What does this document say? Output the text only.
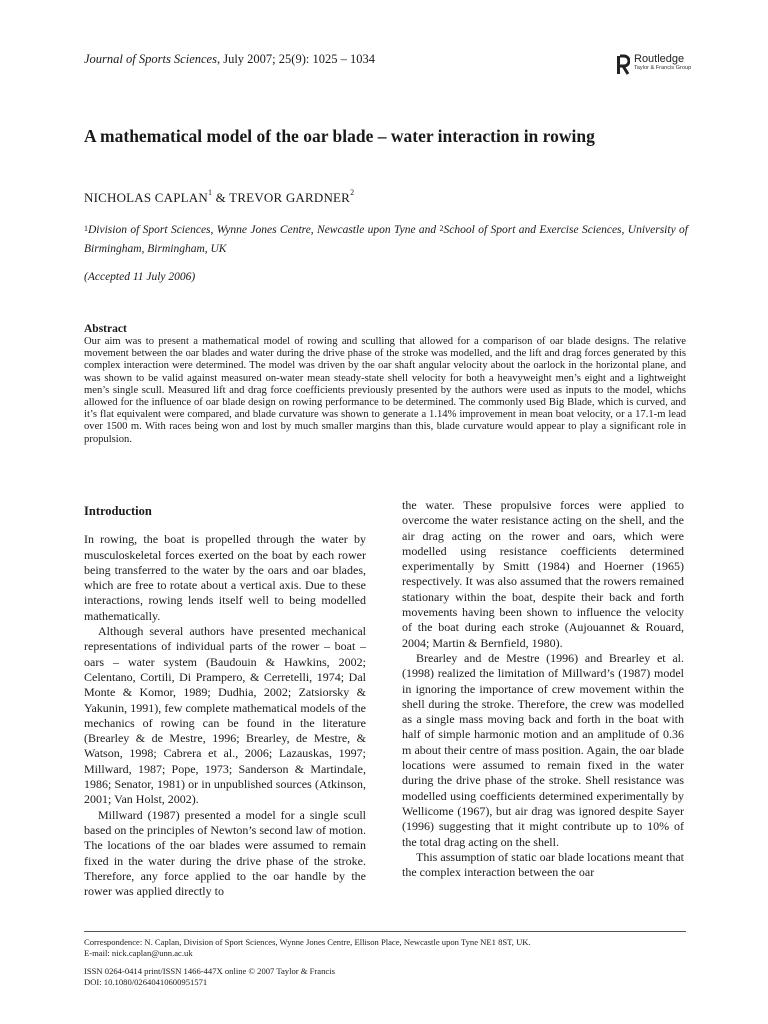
Journal of Sports Sciences, July 2007; 25(9): 1025 – 1034	Routledge
Taylor & Francis Group
A mathematical model of the oar blade – water interaction in rowing
NICHOLAS CAPLAN$^1$ & TREVOR GARDNER$^2$
$^1$Division of Sport Sciences, Wynne Jones Centre, Newcastle upon Tyne and $^2$School of Sport and Exercise Sciences, University of Birmingham, Birmingham, UK
(Accepted 11 July 2006)
Abstract
Our aim was to present a mathematical model of rowing and sculling that allowed for a comparison of oar blade designs. The relative movement between the oar blades and water during the drive phase of the stroke was modelled, and the lift and drag forces generated by this complex interaction were determined. The model was driven by the oar shaft angular velocity about the oarlock in the horizontal plane, and was shown to be valid against measured on-water mean steady-state shell velocity for both a heavyweight men’s eight and a lightweight men’s single scull. Measured lift and drag force coefficients previously presented by the authors were used as inputs to the model, whichs allowed for the influence of oar blade design on rowing performance to be determined. The commonly used Big Blade, which is curved, and it’s flat equivalent were compared, and blade curvature was shown to generate a 1.14% improvement in mean boat velocity, or a 17.1-m lead over 1500 m. With races being won and lost by much smaller margins than this, blade curvature would appear to play a significant role in propulsion.
Introduction

In rowing, the boat is propelled through the water by musculoskeletal forces exerted on the boat by each rower being transferred to the water by the oars and oar blades, which are free to rotate about a vertical axis. Due to these interactions, rowing lends itself well to being modelled mathematically.

Although several authors have presented mechanical representations of individual parts of the rower – boat – oars – water system (Baudouin & Hawkins, 2002; Celentano, Cortili, Di Prampero, & Cerretelli, 1974; Dal Monte & Komor, 1989; Dudhia, 2002; Zatsiorsky & Yakunin, 1991), few complete mathematical models of the mechanics of rowing can be found in the literature (Brearley & de Mestre, 1996; Brearley, de Mestre, & Watson, 1998; Cabrera et al., 2006; Lazauskas, 1997; Millward, 1987; Pope, 1973; Sanderson & Martindale, 1986; Senator, 1981) or in unpublished sources (Atkinson, 2001; Van Holst, 2002).

Millward (1987) presented a model for a single scull based on the principles of Newton’s second law of motion. The locations of the oar blades were assumed to remain fixed in the water during the drive phase of the stroke. Therefore, any force applied to the oar handle by the rower was applied directly to

the water. These propulsive forces were applied to overcome the water resistance acting on the shell, and the air drag acting on the rower and oars, which were modelled using resistance coefficients determined experimentally by Smitt (1984) and Hoerner (1965) respectively. It was also assumed that the rowers remained stationary within the boat, despite their back and forth movements having been shown to influence the velocity of the boat during each stroke (Aujouannet & Rouard, 2004; Martin & Bernfield, 1980).

Brearley and de Mestre (1996) and Brearley et al. (1998) realized the limitation of Millward’s (1987) model in ignoring the importance of crew movement within the shell during the stroke. Therefore, the crew was modelled as a single mass moving back and forth in the boat with half of simple harmonic motion and an amplitude of 0.36 m about their centre of mass position. Again, the oar blade locations were assumed to remain fixed in the water during the drive phase of the stroke. Shell resistance was modelled using coefficients determined experimentally by Wellicome (1967), but air drag was ignored despite Sayer (1996) suggesting that it might contribute up to 10% of the total drag acting on the shell.

This assumption of static oar blade locations meant that the complex interaction between the oar

Correspondence: N. Caplan, Division of Sport Sciences, Wynne Jones Centre, Ellison Place, Newcastle upon Tyne NE1 8ST, UK.
E-mail: nick.caplan@unn.ac.uk
ISSN 0264-0414 print/ISSN 1466-447X online © 2007 Taylor & Francis
DOI: 10.1080/02640410600951571
